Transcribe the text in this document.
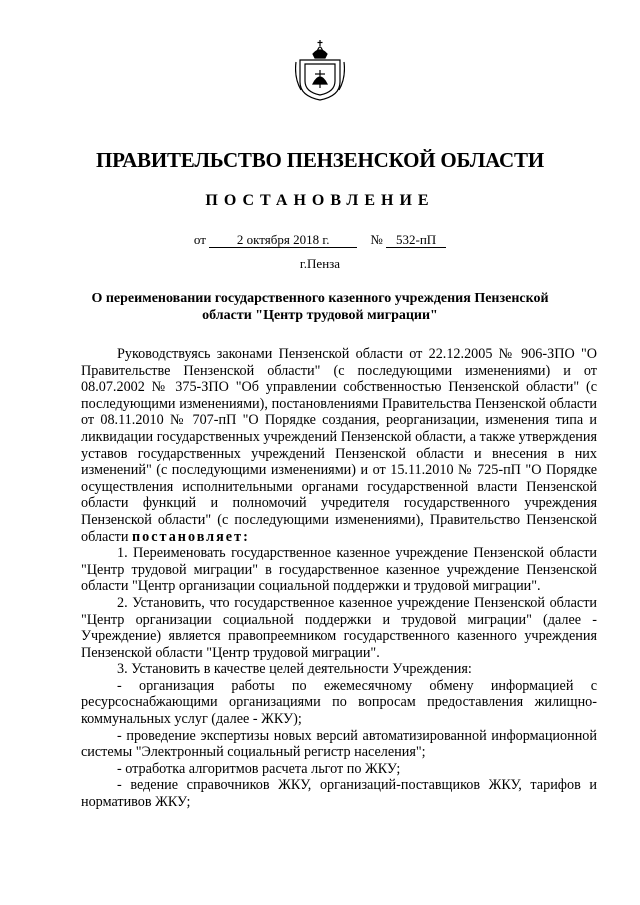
ПРАВИТЕЛЬСТВО ПЕНЗЕНСКОЙ ОБЛАСТИ
ПОСТАНОВЛЕНИЕ
от 2 октября 2018 г.	№ 532-пП
г.Пенза
О переименовании государственного казенного учреждения Пензенской области "Центр трудовой миграции"

Руководствуясь законами Пензенской области от 22.12.2005 № 906-ЗПО "О Правительстве Пензенской области" (с последующими изменениями) и от 08.07.2002 № 375-ЗПО "Об управлении собственностью Пензенской области" (с последующими изменениями), постановлениями Правительства Пензенской области от 08.11.2010 № 707-пП "О Порядке создания, реорганизации, изменения типа и ликвидации государственных учреждений Пензенской области, а также утверждения уставов государственных учреждений Пензенской области и внесения в них изменений" (с последующими изменениями) и от 15.11.2010 № 725-пП "О Порядке осуществления исполнительными органами государственной власти Пензенской области функций и полномочий учредителя государственного учреждения Пензенской области" (с последующими изменениями), Правительство Пензенской области постановляет:

1. Переименовать государственное казенное учреждение Пензенской области "Центр трудовой миграции" в государственное казенное учреждение Пензенской области "Центр организации социальной поддержки и трудовой миграции".

2. Установить, что государственное казенное учреждение Пензенской области "Центр организации социальной поддержки и трудовой миграции" (далее - Учреждение) является правопреемником государственного казенного учреждения Пензенской области "Центр трудовой миграции".

3. Установить в качестве целей деятельности Учреждения:

- организация работы по ежемесячному обмену информацией с ресурсоснабжающими организациями по вопросам предоставления жилищно-коммунальных услуг (далее - ЖКУ);

- проведение экспертизы новых версий автоматизированной информационной системы "Электронный социальный регистр населения";

- отработка алгоритмов расчета льгот по ЖКУ;

- ведение справочников ЖКУ, организаций-поставщиков ЖКУ, тарифов и нормативов ЖКУ;
